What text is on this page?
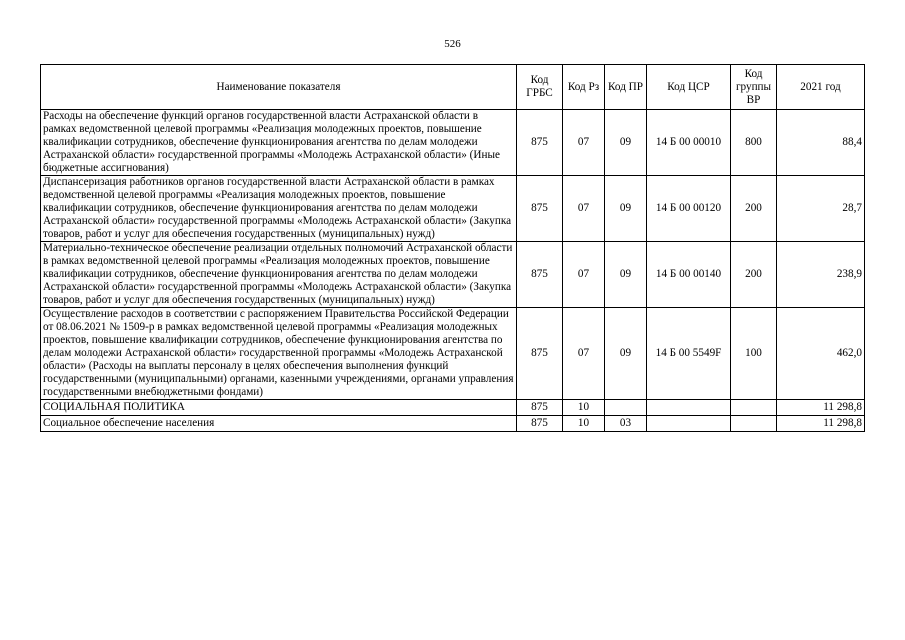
526
Наименование показателя	Код ГРБС	Код Рз	Код ПР	Код ЦСР	Код группы ВР	2021 год
Расходы на обеспечение функций органов государственной власти Астраханской области в рамках ведомственной целевой программы «Реализация молодежных проектов, повышение квалификации сотрудников, обеспечение функционирования агентства по делам молодежи Астраханской области» государственной программы «Молодежь Астраханской области» (Иные бюджетные ассигнования)	875	07	09	14 Б 00 00010	800	88,4
Диспансеризация работников органов государственной власти Астраханской области в рамках ведомственной целевой программы «Реализация молодежных проектов, повышение квалификации сотрудников, обеспечение функционирования агентства по делам молодежи Астраханской области» государственной программы «Молодежь Астраханской области» (Закупка товаров, работ и услуг для обеспечения государственных (муниципальных) нужд)	875	07	09	14 Б 00 00120	200	28,7
Материально-техническое обеспечение реализации отдельных полномочий Астраханской области в рамках ведомственной целевой программы «Реализация молодежных проектов, повышение квалификации сотрудников, обеспечение функционирования агентства по делам молодежи Астраханской области» государственной программы «Молодежь Астраханской области» (Закупка товаров, работ и услуг для обеспечения государственных (муниципальных) нужд)	875	07	09	14 Б 00 00140	200	238,9
Осуществление расходов в соответствии с распоряжением Правительства Российской Федерации от 08.06.2021 № 1509-р в рамках ведомственной целевой программы «Реализация молодежных проектов, повышение квалификации сотрудников, обеспечение функционирования агентства по делам молодежи Астраханской области» государственной программы «Молодежь Астраханской области» (Расходы на выплаты персоналу в целях обеспечения выполнения функций государственными (муниципальными) органами, казенными учреждениями, органами управления государственными внебюджетными фондами)	875	07	09	14 Б 00 5549F	100	462,0
СОЦИАЛЬНАЯ ПОЛИТИКА	875	10				11 298,8
Социальное обеспечение населения	875	10	03			11 298,8
